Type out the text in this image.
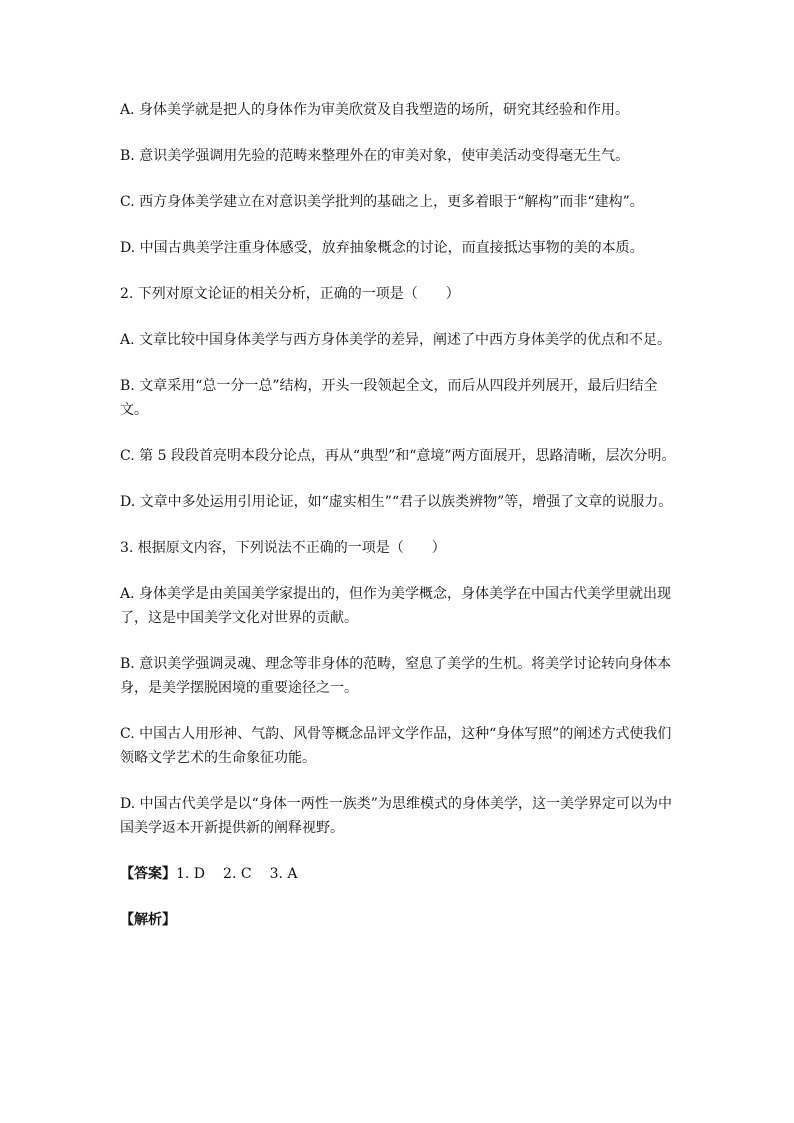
A. 身体美学就是把人的身体作为审美欣赏及自我塑造的场所，研究其经验和作用。

B. 意识美学强调用先验的范畴来整理外在的审美对象，使审美活动变得毫无生气。

C. 西方身体美学建立在对意识美学批判的基础之上，更多着眼于“解构”而非“建构”。

D. 中国古典美学注重身体感受，放弃抽象概念的讨论，而直接抵达事物的美的本质。

2. 下列对原文论证的相关分析，正确的一项是（　　）

A. 文章比较中国身体美学与西方身体美学的差异，阐述了中西方身体美学的优点和不足。

B. 文章采用“总一分一总”结构，开头一段领起全文，而后从四段并列展开，最后归结全文。

C. 第 5 段段首亮明本段分论点，再从“典型”和“意境”两方面展开，思路清晰，层次分明。

D. 文章中多处运用引用论证，如“虚实相生”“君子以族类辨物”等，增强了文章的说服力。

3. 根据原文内容，下列说法不正确的一项是（　　）

A. 身体美学是由美国美学家提出的，但作为美学概念，身体美学在中国古代美学里就出现了，这是中国美学文化对世界的贡献。

B. 意识美学强调灵魂、理念等非身体的范畴，窒息了美学的生机。将美学讨论转向身体本身，是美学摆脱困境的重要途径之一。

C. 中国古人用形神、气韵、风骨等概念品评文学作品，这种“身体写照”的阐述方式使我们领略文学艺术的生命象征功能。

D. 中国古代美学是以“身体一两性一族类”为思维模式的身体美学，这一美学界定可以为中国美学返本开新提供新的阐释视野。

【答案】1. D 2. C 3. A

【解析】
